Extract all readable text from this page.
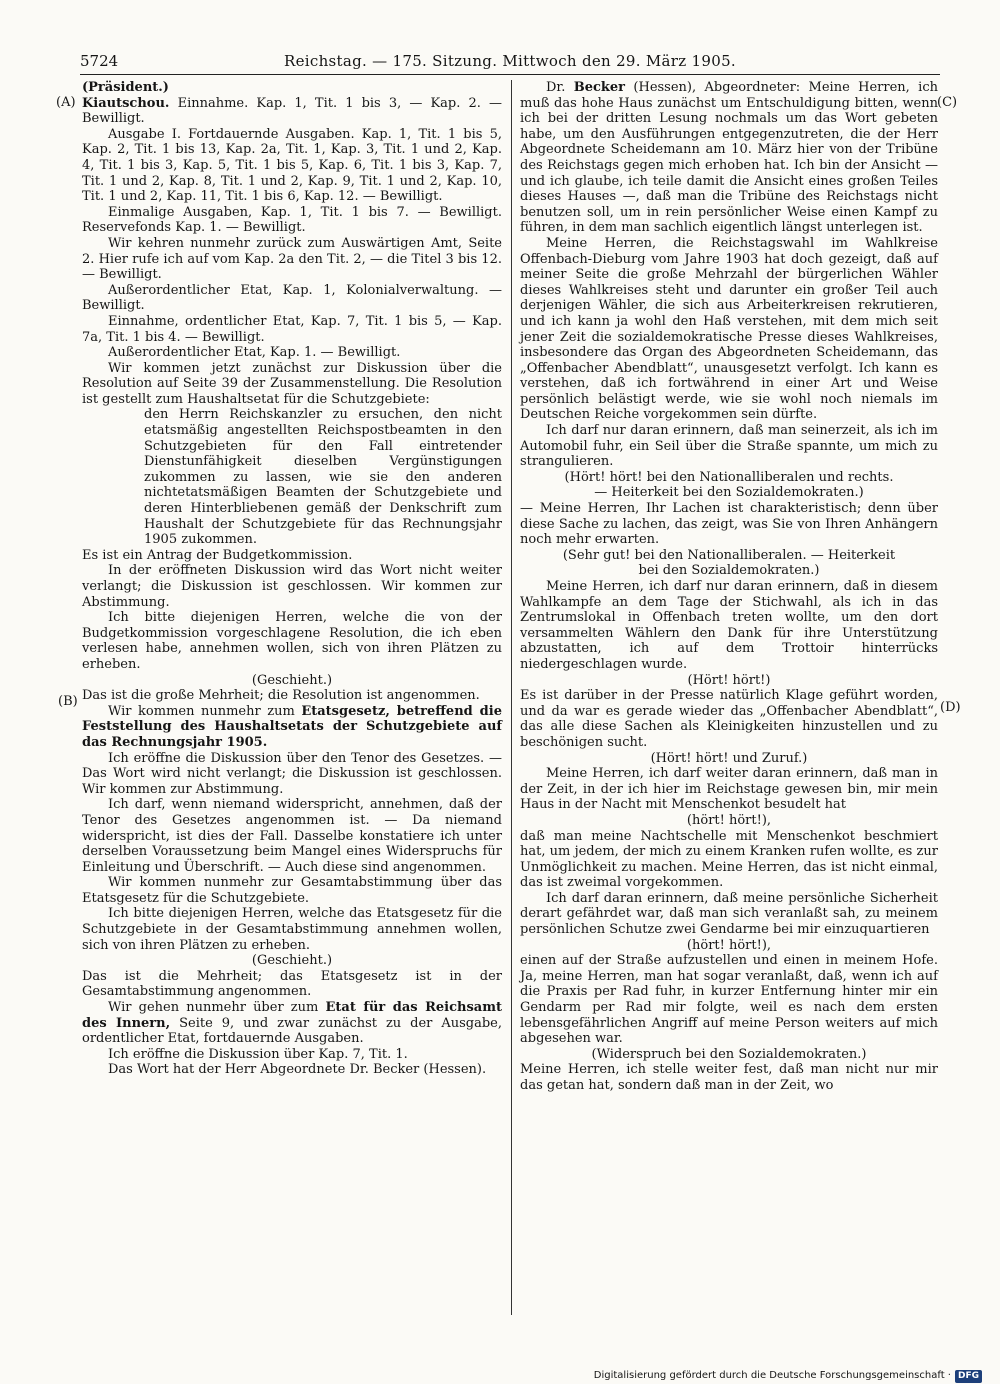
5724	Reichstag. — 175. Sitzung. Mittwoch den 29. März 1905.
(A)
(B)
(C)
(D)

(Präsident.)

Kiautschou. Einnahme. Kap. 1, Tit. 1 bis 3, — Kap. 2. — Bewilligt.

Ausgabe I. Fortdauernde Ausgaben. Kap. 1, Tit. 1 bis 5, Kap. 2, Tit. 1 bis 13, Kap. 2a, Tit. 1, Kap. 3, Tit. 1 und 2, Kap. 4, Tit. 1 bis 3, Kap. 5, Tit. 1 bis 5, Kap. 6, Tit. 1 bis 3, Kap. 7, Tit. 1 und 2, Kap. 8, Tit. 1 und 2, Kap. 9, Tit. 1 und 2, Kap. 10, Tit. 1 und 2, Kap. 11, Tit. 1 bis 6, Kap. 12. — Bewilligt.

Einmalige Ausgaben, Kap. 1, Tit. 1 bis 7. — Bewilligt. Reservefonds Kap. 1. — Bewilligt.

Wir kehren nunmehr zurück zum Auswärtigen Amt, Seite 2. Hier rufe ich auf vom Kap. 2a den Tit. 2, — die Titel 3 bis 12. — Bewilligt.

Außerordentlicher Etat, Kap. 1, Kolonialverwaltung. — Bewilligt.

Einnahme, ordentlicher Etat, Kap. 7, Tit. 1 bis 5, — Kap. 7a, Tit. 1 bis 4. — Bewilligt.

Außerordentlicher Etat, Kap. 1. — Bewilligt.

Wir kommen jetzt zunächst zur Diskussion über die Resolution auf Seite 39 der Zusammenstellung. Die Resolution ist gestellt zum Haushaltsetat für die Schutzgebiete:

den Herrn Reichskanzler zu ersuchen, den nicht etatsmäßig angestellten Reichspostbeamten in den Schutzgebieten für den Fall eintretender Dienstunfähigkeit dieselben Vergünstigungen zukommen zu lassen, wie sie den anderen nichtetatsmäßigen Beamten der Schutzgebiete und deren Hinterbliebenen gemäß der Denkschrift zum Haushalt der Schutzgebiete für das Rechnungsjahr 1905 zukommen.

Es ist ein Antrag der Budgetkommission.

In der eröffneten Diskussion wird das Wort nicht weiter verlangt; die Diskussion ist geschlossen. Wir kommen zur Abstimmung.

Ich bitte diejenigen Herren, welche die von der Budgetkommission vorgeschlagene Resolution, die ich eben verlesen habe, annehmen wollen, sich von ihren Plätzen zu erheben.

(Geschieht.)

Das ist die große Mehrheit; die Resolution ist angenommen.

Wir kommen nunmehr zum Etatsgesetz, betreffend die Feststellung des Haushaltsetats der Schutzgebiete auf das Rechnungsjahr 1905.

Ich eröffne die Diskussion über den Tenor des Gesetzes. — Das Wort wird nicht verlangt; die Diskussion ist geschlossen. Wir kommen zur Abstimmung.

Ich darf, wenn niemand widerspricht, annehmen, daß der Tenor des Gesetzes angenommen ist. — Da niemand widerspricht, ist dies der Fall. Dasselbe konstatiere ich unter derselben Voraussetzung beim Mangel eines Widerspruchs für Einleitung und Überschrift. — Auch diese sind angenommen.

Wir kommen nunmehr zur Gesamtabstimmung über das Etatsgesetz für die Schutzgebiete.

Ich bitte diejenigen Herren, welche das Etatsgesetz für die Schutzgebiete in der Gesamtabstimmung annehmen wollen, sich von ihren Plätzen zu erheben.

(Geschieht.)

Das ist die Mehrheit; das Etatsgesetz ist in der Gesamtabstimmung angenommen.

Wir gehen nunmehr über zum Etat für das Reichsamt des Innern, Seite 9, und zwar zunächst zu der Ausgabe, ordentlicher Etat, fortdauernde Ausgaben.

Ich eröffne die Diskussion über Kap. 7, Tit. 1.

Das Wort hat der Herr Abgeordnete Dr. Becker (Hessen).

Dr. Becker (Hessen), Abgeordneter: Meine Herren, ich muß das hohe Haus zunächst um Entschuldigung bitten, wenn ich bei der dritten Lesung nochmals um das Wort gebeten habe, um den Ausführungen entgegenzutreten, die der Herr Abgeordnete Scheidemann am 10. März hier von der Tribüne des Reichstags gegen mich erhoben hat. Ich bin der Ansicht — und ich glaube, ich teile damit die Ansicht eines großen Teiles dieses Hauses —, daß man die Tribüne des Reichstags nicht benutzen soll, um in rein persönlicher Weise einen Kampf zu führen, in dem man sachlich eigentlich längst unterlegen ist.

Meine Herren, die Reichstagswahl im Wahlkreise Offenbach-Dieburg vom Jahre 1903 hat doch gezeigt, daß auf meiner Seite die große Mehrzahl der bürgerlichen Wähler dieses Wahlkreises steht und darunter ein großer Teil auch derjenigen Wähler, die sich aus Arbeiterkreisen rekrutieren, und ich kann ja wohl den Haß verstehen, mit dem mich seit jener Zeit die sozialdemokratische Presse dieses Wahlkreises, insbesondere das Organ des Abgeordneten Scheidemann, das „Offenbacher Abendblatt“, unausgesetzt verfolgt. Ich kann es verstehen, daß ich fortwährend in einer Art und Weise persönlich belästigt werde, wie sie wohl noch niemals im Deutschen Reiche vorgekommen sein dürfte.

Ich darf nur daran erinnern, daß man seinerzeit, als ich im Automobil fuhr, ein Seil über die Straße spannte, um mich zu strangulieren.

(Hört! hört! bei den Nationalliberalen und rechts.

— Heiterkeit bei den Sozialdemokraten.)

— Meine Herren, Ihr Lachen ist charakteristisch; denn über diese Sache zu lachen, das zeigt, was Sie von Ihren Anhängern noch mehr erwarten.

(Sehr gut! bei den Nationalliberalen. — Heiterkeit

bei den Sozialdemokraten.)

Meine Herren, ich darf nur daran erinnern, daß in diesem Wahlkampfe an dem Tage der Stichwahl, als ich in das Zentrumslokal in Offenbach treten wollte, um den dort versammelten Wählern den Dank für ihre Unterstützung abzustatten, ich auf dem Trottoir hinterrücks niedergeschlagen wurde.

(Hört! hört!)

Es ist darüber in der Presse natürlich Klage geführt worden, und da war es gerade wieder das „Offenbacher Abendblatt“, das alle diese Sachen als Kleinigkeiten hinzustellen und zu beschönigen sucht.

(Hört! hört! und Zuruf.)

Meine Herren, ich darf weiter daran erinnern, daß man in der Zeit, in der ich hier im Reichstage gewesen bin, mir mein Haus in der Nacht mit Menschenkot besudelt hat

(hört! hört!),

daß man meine Nachtschelle mit Menschenkot beschmiert hat, um jedem, der mich zu einem Kranken rufen wollte, es zur Unmöglichkeit zu machen. Meine Herren, das ist nicht einmal, das ist zweimal vorgekommen.

Ich darf daran erinnern, daß meine persönliche Sicherheit derart gefährdet war, daß man sich veranlaßt sah, zu meinem persönlichen Schutze zwei Gendarme bei mir einzuquartieren

(hört! hört!),

einen auf der Straße aufzustellen und einen in meinem Hofe. Ja, meine Herren, man hat sogar veranlaßt, daß, wenn ich auf die Praxis per Rad fuhr, in kurzer Entfernung hinter mir ein Gendarm per Rad mir folgte, weil es nach dem ersten lebensgefährlichen Angriff auf meine Person weiters auf mich abgesehen war.

(Widerspruch bei den Sozialdemokraten.)

Meine Herren, ich stelle weiter fest, daß man nicht nur mir das getan hat, sondern daß man in der Zeit, wo

Digitalisierung gefördert durch die Deutsche Forschungsgemeinschaft · DFG
